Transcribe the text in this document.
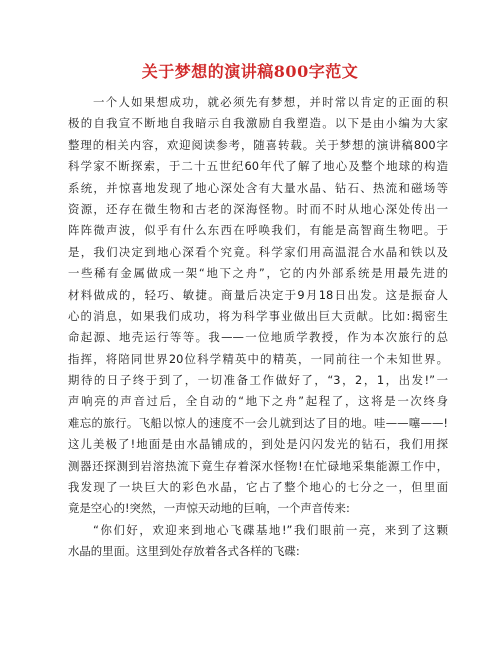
关于梦想的演讲稿800字范文
一个人如果想成功，就必须先有梦想，并时常以肯定的正面的积
极的自我宣不断地自我暗示自我激励自我塑造。以下是由小编为大家
整理的相关内容，欢迎阅读参考，随喜转载。关于梦想的演讲稿800字
科学家不断探索，于二十五世纪60年代了解了地心及整个地球的构造
系统，并惊喜地发现了地心深处含有大量水晶、钻石、热流和磁场等
资源，还存在微生物和古老的深海怪物。时而不时从地心深处传出一
阵阵微声波，似乎有什么东西在呼唤我们，有能是高智商生物吧。于
是，我们决定到地心深看个究竟。科学家们用高温混合水晶和铁以及
一些稀有金属做成一架“地下之舟”，它的内外部系统是用最先进的
材料做成的，轻巧、敏捷。商量后决定于9月18日出发。这是振奋人
心的消息，如果我们成功，将为科学事业做出巨大贡献。比如:揭密生
命起源、地壳运行等等。我——一位地质学教授，作为本次旅行的总
指挥，将陪同世界20位科学精英中的精英，一同前往一个未知世界。
期待的日子终于到了，一切准备工作做好了，“3，2，1，出发!”一
声响亮的声音过后，全自动的“地下之舟”起程了，这将是一次终身
难忘的旅行。飞船以惊人的速度不一会儿就到达了目的地。哇——噻——!
这儿美极了!地面是由水晶铺成的，到处是闪闪发光的钻石，我们用探
测器还探测到岩溶热流下竟生存着深水怪物!在忙碌地采集能源工作中，
我发现了一块巨大的彩色水晶，它占了整个地心的七分之一，但里面
竟是空心的!突然，一声惊天动地的巨响，一个声音传来:
“你们好，欢迎来到地心飞碟基地!”我们眼前一亮，来到了这颗
水晶的里面。这里到处存放着各式各样的飞碟:
